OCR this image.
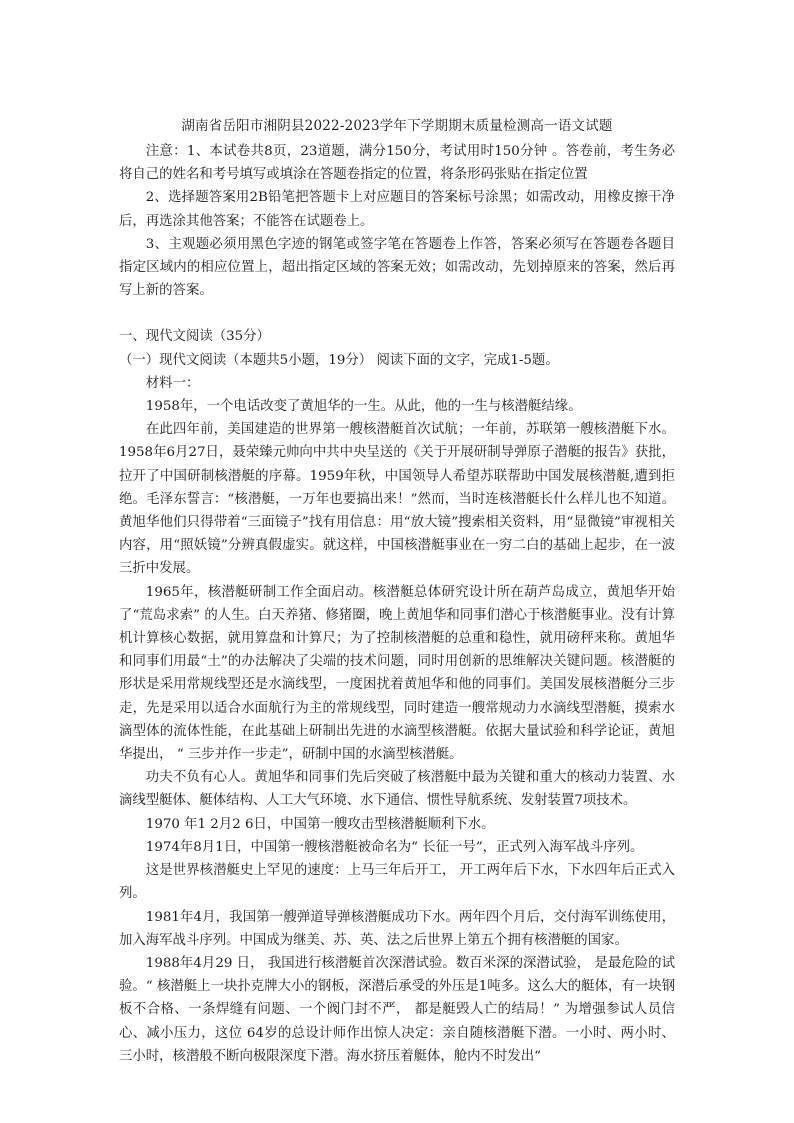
湖南省岳阳市湘阴县2022-2023学年下学期期末质量检测高一语文试题

注意：1、本试卷共8页，23道题，满分150分，考试用时150分钟 。答卷前，考生务必将自己的姓名和考号填写或填涂在答题卷指定的位置，将条形码张贴在指定位置

2、选择题答案用2B铅笔把答题卡上对应题目的答案标号涂黑；如需改动，用橡皮擦干净后，再选涂其他答案；不能答在试题卷上。

3、主观题必须用黑色字迹的钢笔或签字笔在答题卷上作答，答案必须写在答题卷各题目指定区域内的相应位置上，超出指定区域的答案无效；如需改动，先划掉原来的答案，然后再写上新的答案。

一、现代文阅读（35分）

（一）现代文阅读（本题共5小题，19分） 阅读下面的文字，完成1-5题。

材料一：

1958年，一个电话改变了黄旭华的一生。从此，他的一生与核潜艇结缘。

在此四年前，美国建造的世界第一艘核潜艇首次试航；一年前，苏联第一艘核潜艇下水。1958年6月27日，聂荣臻元帅向中共中央呈送的《关于开展研制导弹原子潜艇的报告》获批，拉开了中国研制核潜艇的序幕。1959年秋，中国领导人希望苏联帮助中国发展核潜艇,遭到拒绝。毛泽东誓言：“核潜艇，一万年也要搞出来！”然而，当时连核潜艇长什么样儿也不知道。黄旭华他们只得带着“三面镜子”找有用信息：用“放大镜”搜索相关资料，用“显微镜”审视相关内容，用“照妖镜”分辨真假虚实。就这样，中国核潜艇事业在一穷二白的基础上起步，在一波三折中发展。

1965年，核潜艇研制工作全面启动。核潜艇总体研究设计所在葫芦岛成立，黄旭华开始了“荒岛求索” 的人生。白天养猪、修猪圈，晚上黄旭华和同事们潜心于核潜艇事业。没有计算机计算核心数据，就用算盘和计算尺；为了控制核潜艇的总重和稳性，就用磅秤来称。黄旭华和同事们用最“土”的办法解决了尖端的技术问题，同时用创新的思维解决关键问题。核潜艇的形状是采用常规线型还是水滴线型，一度困扰着黄旭华和他的同事们。美国发展核潜艇分三步走，先是采用以适合水面航行为主的常规线型，同时建造一艘常规动力水滴线型潜艇，摸索水滴型体的流体性能，在此基础上研制出先进的水滴型核潜艇。依据大量试验和科学论证，黄旭华提出， “ 三步并作一步走”，研制中国的水滴型核潜艇。

功夫不负有心人。黄旭华和同事们先后突破了核潜艇中最为关键和重大的核动力装置、水滴线型艇体、艇体结构、人工大气环境、水下通信、惯性导航系统、发射装置7项技术。

1970 年1 2月2 6日，中国第一艘攻击型核潜艇顺利下水。

1974年8月1日，中国第一艘核潜艇被命名为“ 长征一号”，正式列入海军战斗序列。

这是世界核潜艇史上罕见的速度：上马三年后开工， 开工两年后下水，下水四年后正式入列。

1981年4月，我国第一艘弹道导弹核潜艇成功下水。两年四个月后，交付海军训练使用，加入海军战斗序列。中国成为继美、苏、英、法之后世界上第五个拥有核潜艇的国家。

1988年4月29 日， 我国进行核潜艇首次深潜试验。数百米深的深潜试验， 是最危险的试验。“ 核潜艇上一块扑克牌大小的钢板，深潜后承受的外压是1吨多。这么大的艇体，有一块钢板不合格、一条焊缝有问题、一个阀门封不严， 都是艇毁人亡的结局！” 为增强参试人员信心、减小压力，这位 64岁的总设计师作出惊人决定：亲自随核潜艇下潜。一小时、两小时、三小时，核潜般不断向极限深度下潜。海水挤压着艇体，舱内不时发出“
